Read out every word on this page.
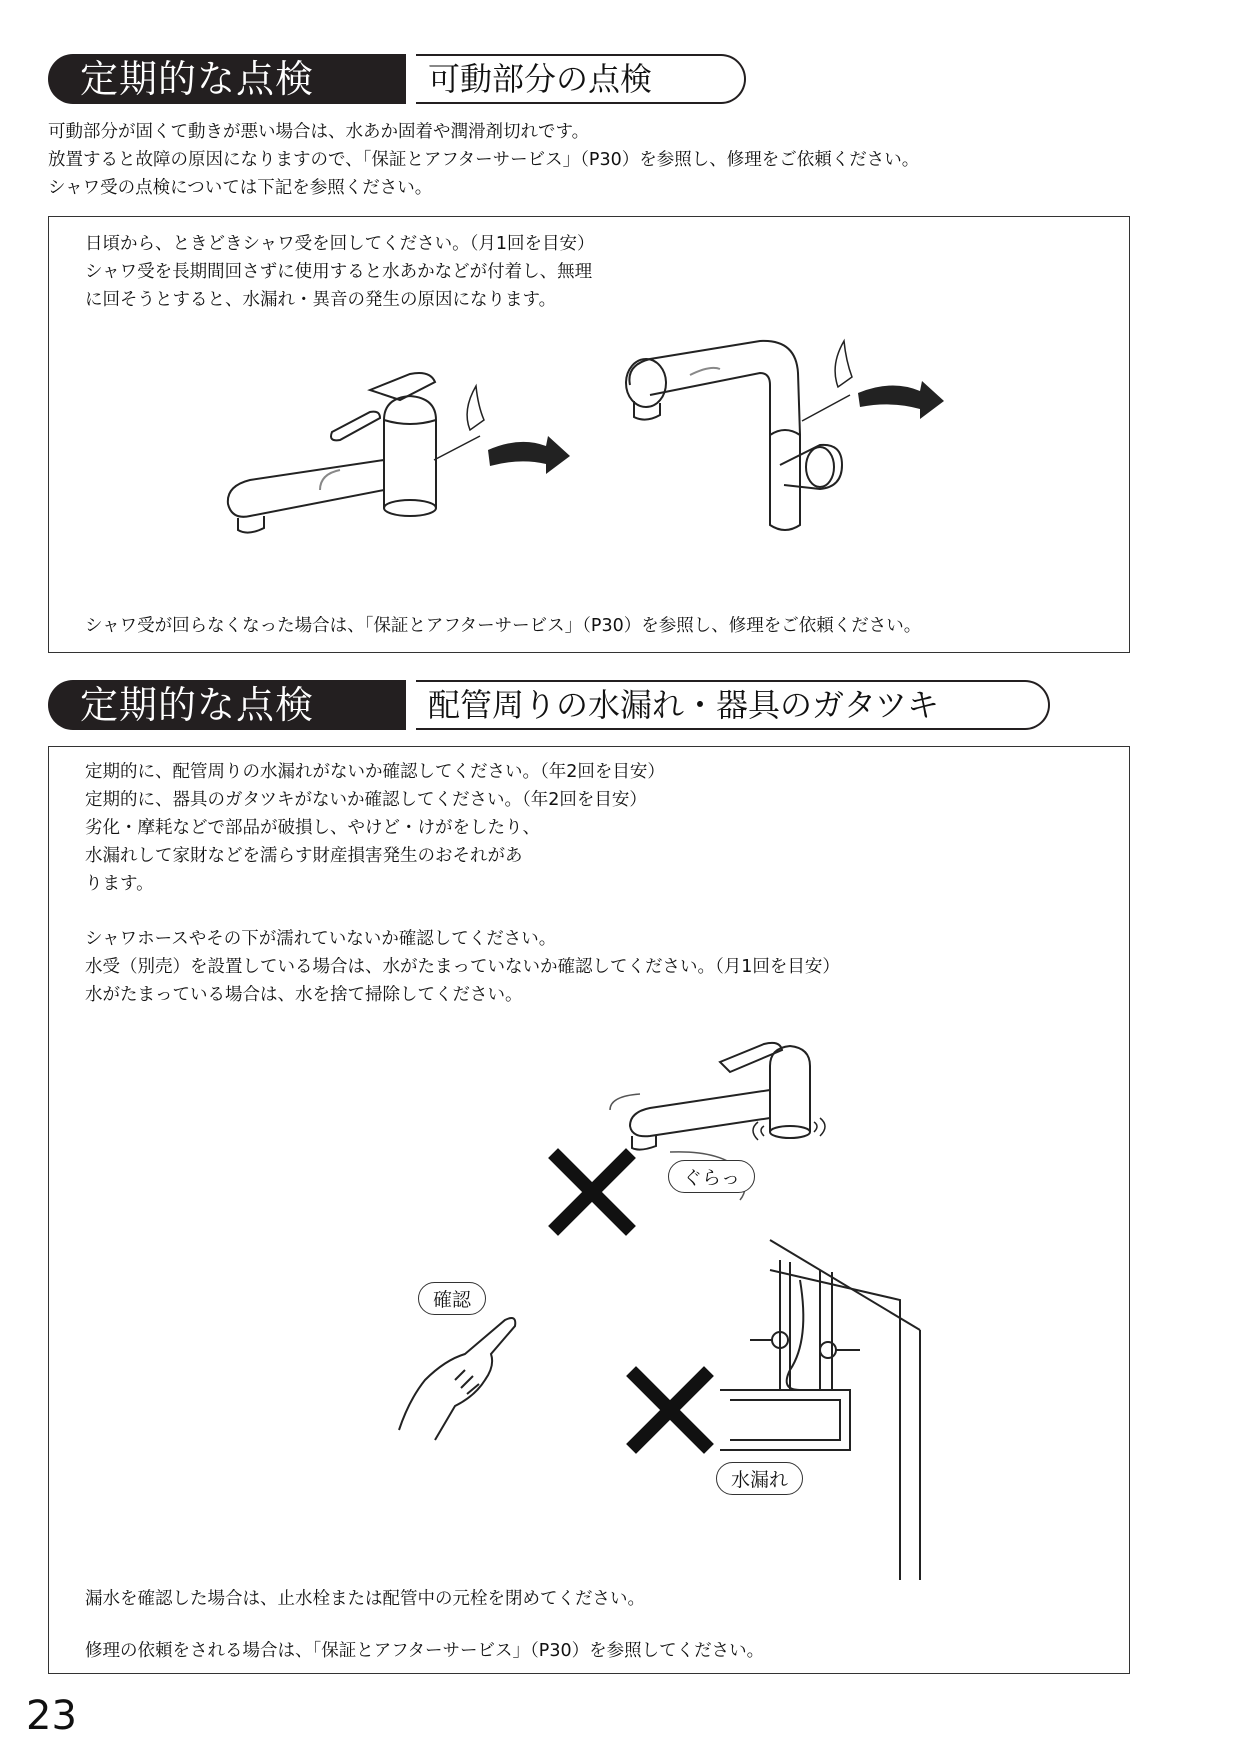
可動部分の点検
定期的な点検
可動部分が固くて動きが悪い場合は、水あか固着や潤滑剤切れです。
放置すると故障の原因になりますので、「保証とアフターサービス」（P30）を参照し、修理をご依頼ください。
シャワ受の点検については下記を参照ください。
日頃から、ときどきシャワ受を回してください。（月1回を目安）
シャワ受を長期間回さずに使用すると水あかなどが付着し、無理
に回そうとすると、水漏れ・異音の発生の原因になります。
シャワ受が回らなくなった場合は、「保証とアフターサービス」（P30）を参照し、修理をご依頼ください。
配管周りの水漏れ・器具のガタツキ
定期的な点検
定期的に、配管周りの水漏れがないか確認してください。（年2回を目安）
定期的に、器具のガタツキがないか確認してください。（年2回を目安）
劣化・摩耗などで部品が破損し、やけど・けがをしたり、
水漏れして家財などを濡らす財産損害発生のおそれがあ
ります。
シャワホースやその下が濡れていないか確認してください。
水受（別売）を設置している場合は、水がたまっていないか確認してください。（月1回を目安）
水がたまっている場合は、水を捨て掃除してください。
ぐらっ
確認
水漏れ
漏水を確認した場合は、止水栓または配管中の元栓を閉めてください。
修理の依頼をされる場合は、「保証とアフターサービス」（P30）を参照してください。
23
